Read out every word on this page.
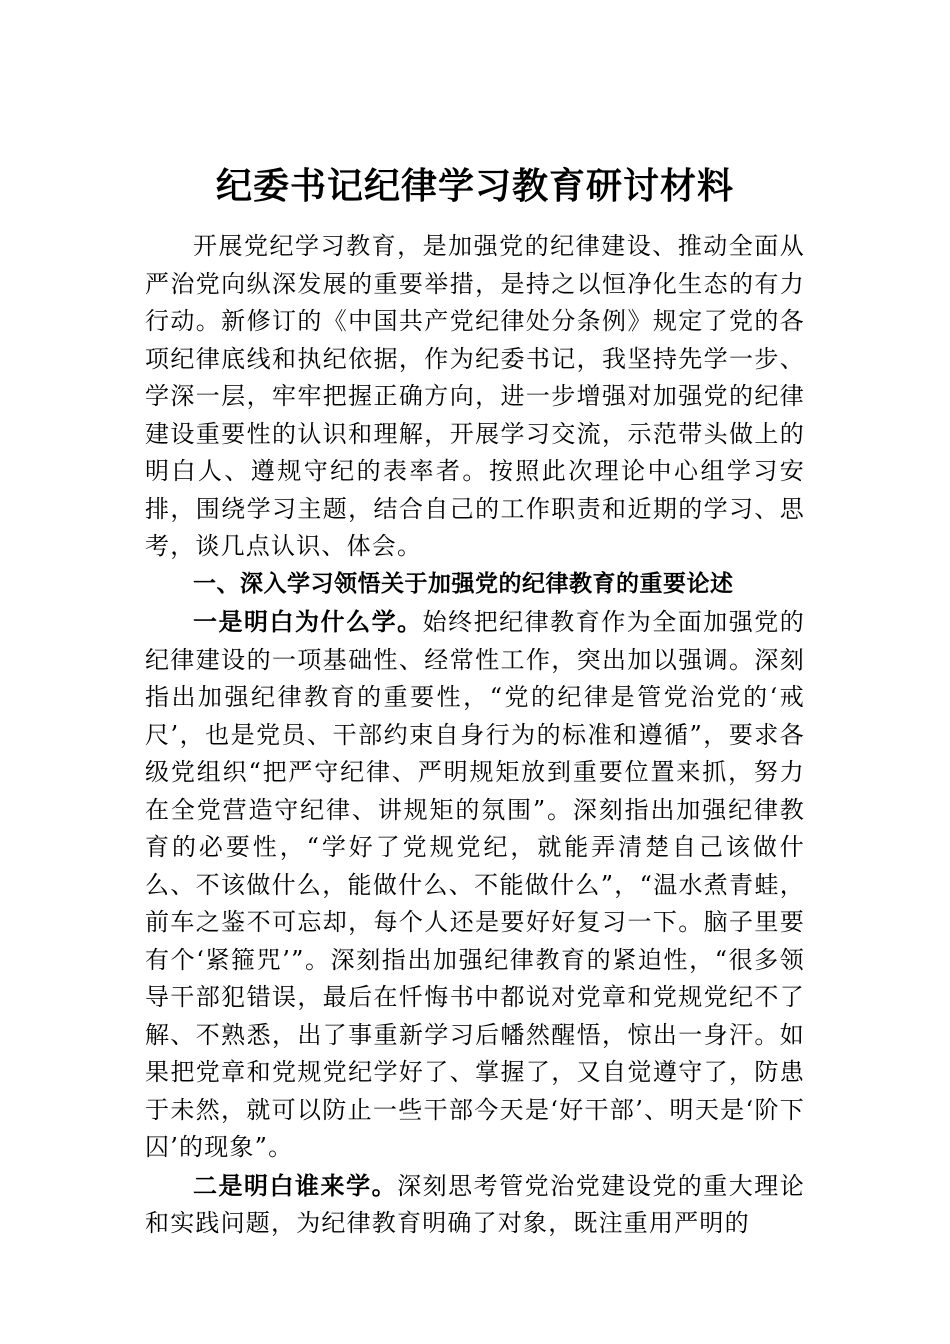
纪委书记纪律学习教育研讨材料

开展党纪学习教育，是加强党的纪律建设、推动全面从严治党向纵深发展的重要举措，是持之以恒净化生态的有力行动。新修订的《中国共产党纪律处分条例》规定了党的各项纪律底线和执纪依据，作为纪委书记，我坚持先学一步、学深一层，牢牢把握正确方向，进一步增强对加强党的纪律建设重要性的认识和理解，开展学习交流，示范带头做上的明白人、遵规守纪的表率者。按照此次理论中心组学习安排，围绕学习主题，结合自己的工作职责和近期的学习、思考，谈几点认识、体会。

一、深入学习领悟关于加强党的纪律教育的重要论述

一是明白为什么学。始终把纪律教育作为全面加强党的纪律建设的一项基础性、经常性工作，突出加以强调。深刻指出加强纪律教育的重要性，“党的纪律是管党治党的‘戒尺’，也是党员、干部约束自身行为的标准和遵循”，要求各级党组织“把严守纪律、严明规矩放到重要位置来抓，努力在全党营造守纪律、讲规矩的氛围”。深刻指出加强纪律教育的必要性，“学好了党规党纪，就能弄清楚自己该做什么、不该做什么，能做什么、不能做什么”，“温水煮青蛙，前车之鉴不可忘却，每个人还是要好好复习一下。脑子里要有个‘紧箍咒’”。深刻指出加强纪律教育的紧迫性，“很多领导干部犯错误，最后在忏悔书中都说对党章和党规党纪不了解、不熟悉，出了事重新学习后幡然醒悟，惊出一身汗。如果把党章和党规党纪学好了、掌握了，又自觉遵守了，防患于未然，就可以防止一些干部今天是‘好干部’、明天是‘阶下囚’的现象”。

二是明白谁来学。深刻思考管党治党建设党的重大理论和实践问题，为纪律教育明确了对象，既注重用严明的
